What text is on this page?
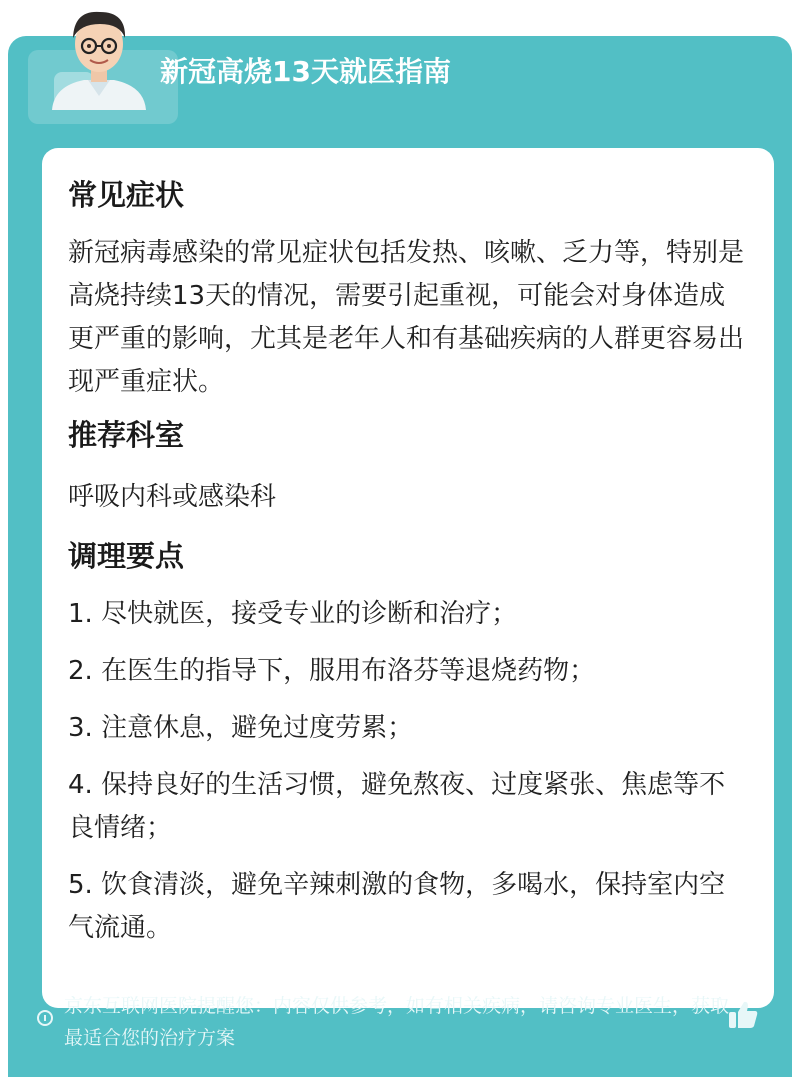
新冠高烧13天就医指南
常见症状

新冠病毒感染的常见症状包括发热、咳嗽、乏力等，特别是高烧持续13天的情况，需要引起重视，可能会对身体造成更严重的影响，尤其是老年人和有基础疾病的人群更容易出现严重症状。

推荐科室

呼吸内科或感染科

调理要点
1. 尽快就医，接受专业的诊断和治疗；
2. 在医生的指导下，服用布洛芬等退烧药物；
3. 注意休息，避免过度劳累；
4. 保持良好的生活习惯，避免熬夜、过度紧张、焦虑等不良情绪；
5. 饮食清淡，避免辛辣刺激的食物，多喝水，保持室内空气流通。
京东互联网医院提醒您：内容仅供参考，如有相关疾病，请咨询专业医生，获取最适合您的治疗方案
